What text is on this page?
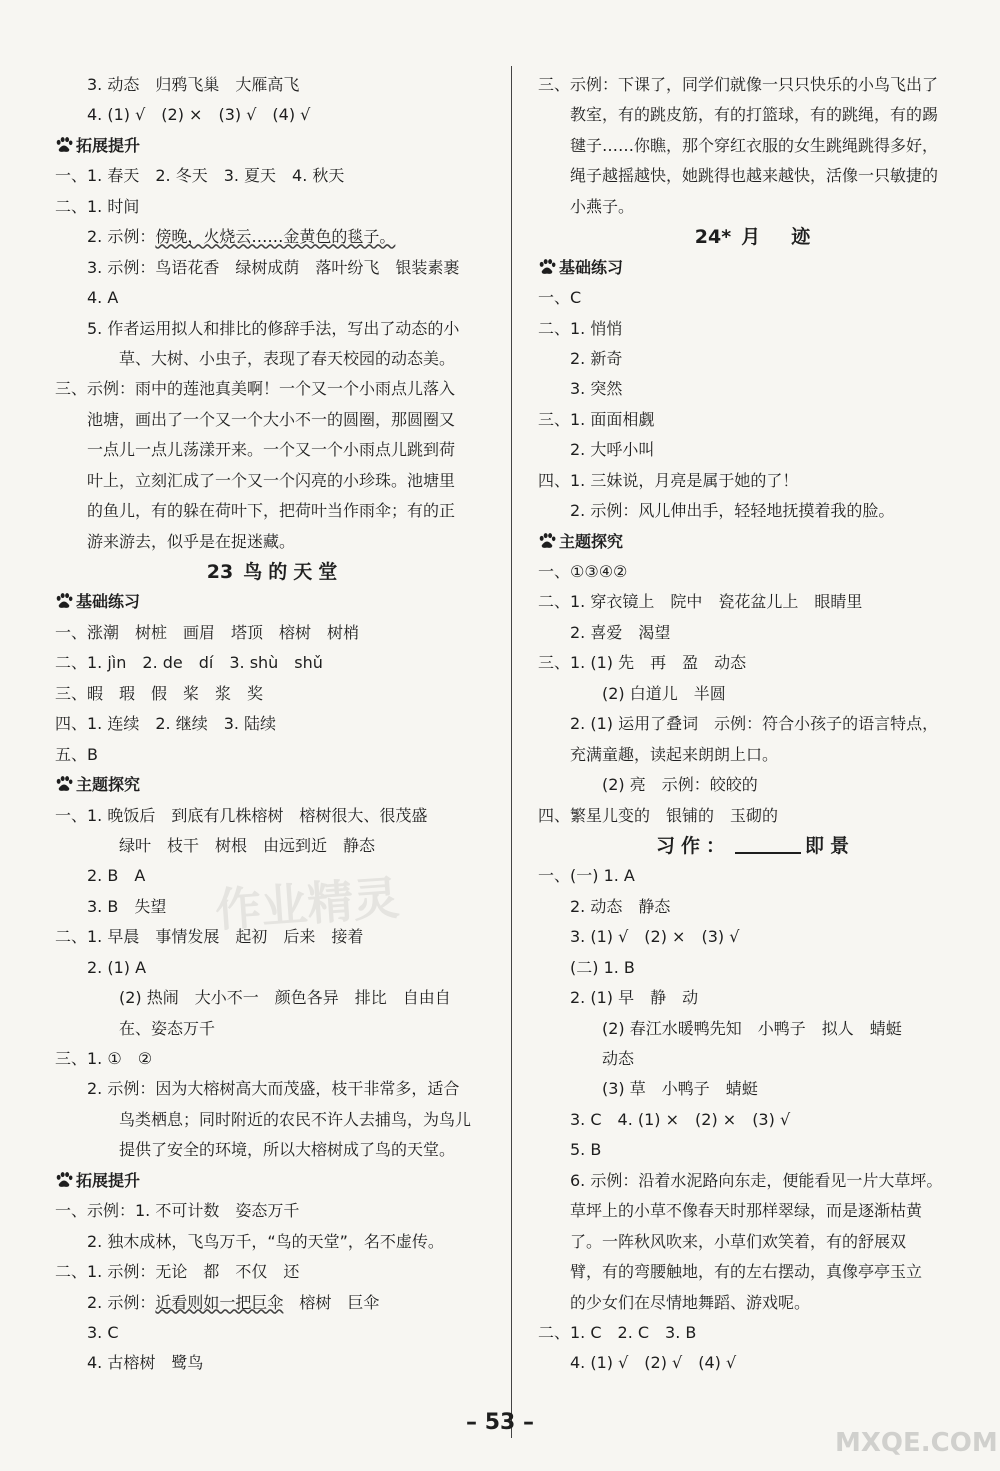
3. 动态　归鸦飞巢　大雁高飞
4. (1) √　(2) ×　(3) √　(4) √
拓展提升
一、1. 春天　2. 冬天　3. 夏天　4. 秋天
二、1. 时间
2. 示例：傍晚，火烧云……金黄色的毯子。
3. 示例：鸟语花香　绿树成荫　落叶纷飞　银装素裹
4. A
5. 作者运用拟人和排比的修辞手法，写出了动态的小
草、大树、小虫子，表现了春天校园的动态美。
三、示例：雨中的莲池真美啊！一个又一个小雨点儿落入
池塘，画出了一个又一个大小不一的圆圈，那圆圈又
一点儿一点儿荡漾开来。一个又一个小雨点儿跳到荷
叶上，立刻汇成了一个又一个闪亮的小珍珠。池塘里
的鱼儿，有的躲在荷叶下，把荷叶当作雨伞；有的正
游来游去，似乎是在捉迷藏。
23 鸟的天堂
基础练习
一、涨潮　树桩　画眉　塔顶　榕树　树梢
二、1. jìn　2. de　dí　3. shù　shǔ
三、暇　瑕　假　桨　浆　奖
四、1. 连续　2. 继续　3. 陆续
五、B
主题探究
一、1. 晚饭后　到底有几株榕树　榕树很大、很茂盛
绿叶　枝干　树根　由远到近　静态
2. B　A
3. B　失望
二、1. 早晨　事情发展　起初　后来　接着
2. (1) A
(2) 热闹　大小不一　颜色各异　排比　自由自
在、姿态万千
三、1. ①　②
2. 示例：因为大榕树高大而茂盛，枝干非常多，适合
鸟类栖息；同时附近的农民不许人去捕鸟，为鸟儿
提供了安全的环境，所以大榕树成了鸟的天堂。
拓展提升
一、示例：1. 不可计数　姿态万千
2. 独木成林，飞鸟万千，“鸟的天堂”，名不虚传。
二、1. 示例：无论　都　不仅　还
2. 示例：近看则如一把巨伞　榕树　巨伞
3. C
4. 古榕树　鹭鸟
三、示例：下课了，同学们就像一只只快乐的小鸟飞出了
教室，有的跳皮筋，有的打篮球，有的跳绳，有的踢
毽子……你瞧，那个穿红衣服的女生跳绳跳得多好，
绳子越摇越快，她跳得也越来越快，活像一只敏捷的
小燕子。
24* 月　迹
基础练习
一、C
二、1. 悄悄
2. 新奇
3. 突然
三、1. 面面相觑
2. 大呼小叫
四、1. 三妹说，月亮是属于她的了！
2. 示例：风儿伸出手，轻轻地抚摸着我的脸。
主题探究
一、①③④②
二、1. 穿衣镜上　院中　瓷花盆儿上　眼睛里
2. 喜爱　渴望
三、1. (1) 先　再　盈　动态
(2) 白道儿　半圆
2. (1) 运用了叠词　示例：符合小孩子的语言特点，
充满童趣，读起来朗朗上口。
(2) 亮　示例：皎皎的
四、繁星儿变的　银铺的　玉砌的
习作：	即景
一、(一) 1. A
2. 动态　静态
3. (1) √　(2) ×　(3) √
(二) 1. B
2. (1) 早　静　动
(2) 春江水暖鸭先知　小鸭子　拟人　蜻蜓
动态
(3) 草　小鸭子　蜻蜓
3. C　4. (1) ×　(2) ×　(3) √
5. B
6. 示例：沿着水泥路向东走，便能看见一片大草坪。
草坪上的小草不像春天时那样翠绿，而是逐渐枯黄
了。一阵秋风吹来，小草们欢笑着，有的舒展双
臂，有的弯腰触地，有的左右摆动，真像亭亭玉立
的少女们在尽情地舞蹈、游戏呢。
二、1. C　2. C　3. B
4. (1) √　(2) √　(4) √
– 53 –
作业精灵
MXQE.COM
